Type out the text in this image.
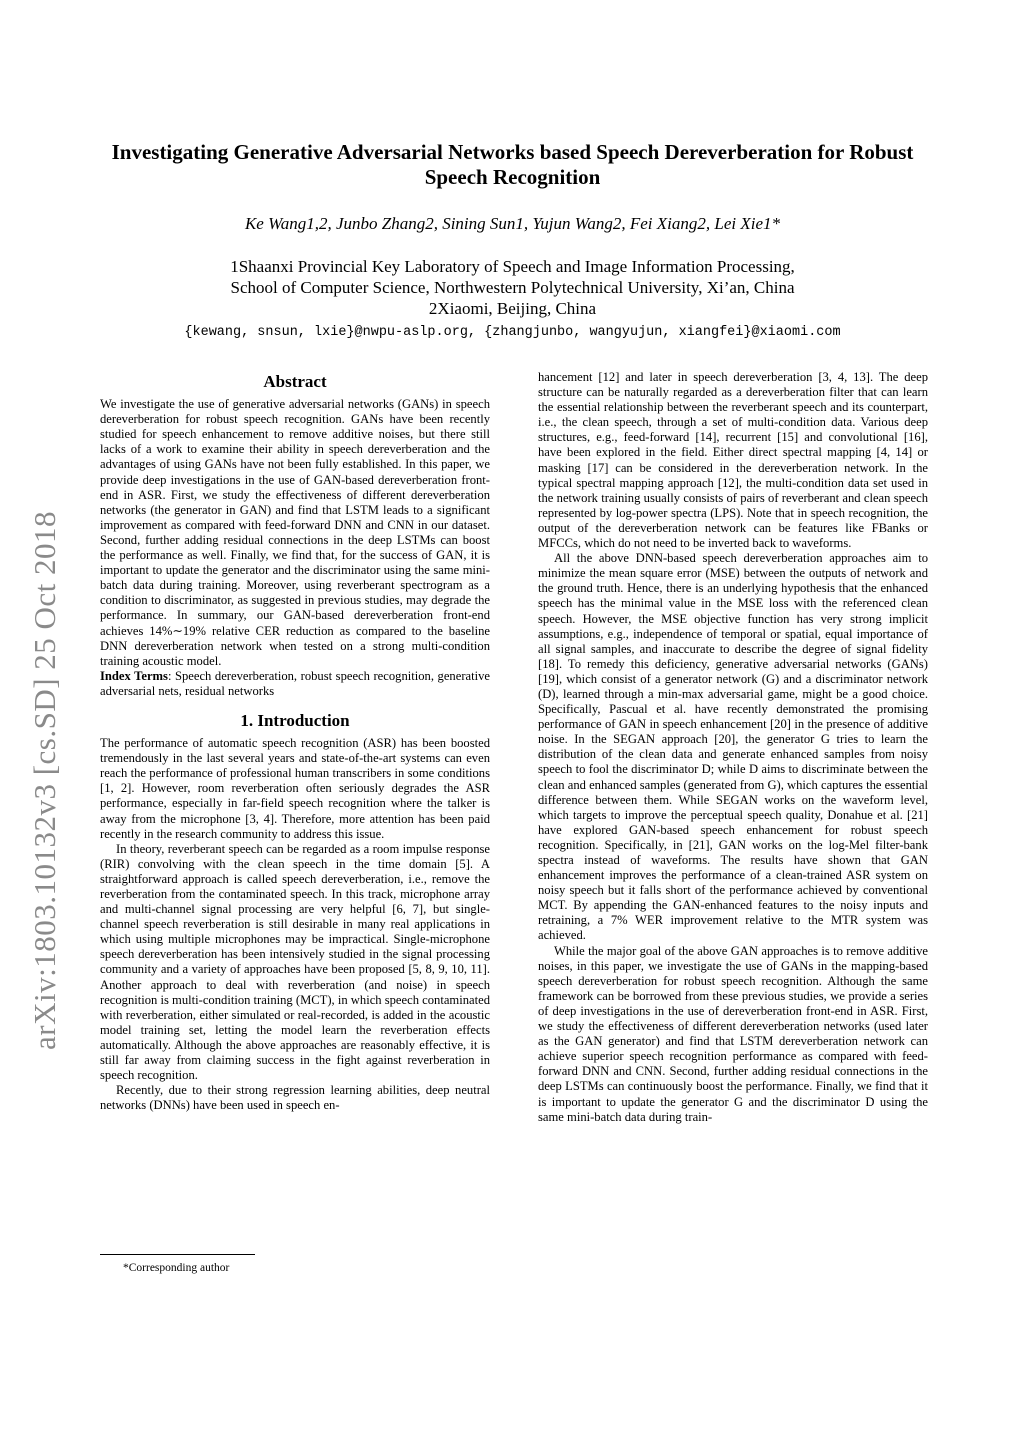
arXiv:1803.10132v3 [cs.SD] 25 Oct 2018
Investigating Generative Adversarial Networks based Speech Dereverberation for Robust Speech Recognition
Ke Wang1,2, Junbo Zhang2, Sining Sun1, Yujun Wang2, Fei Xiang2, Lei Xie1*
1Shaanxi Provincial Key Laboratory of Speech and Image Information Processing,
School of Computer Science, Northwestern Polytechnical University, Xi’an, China
2Xiaomi, Beijing, China
{kewang, snsun, lxie}@nwpu-aslp.org, {zhangjunbo, wangyujun, xiangfei}@xiaomi.com
Abstract

We investigate the use of generative adversarial networks (GANs) in speech dereverberation for robust speech recognition. GANs have been recently studied for speech enhancement to remove additive noises, but there still lacks of a work to examine their ability in speech dereverberation and the advantages of using GANs have not been fully established. In this paper, we provide deep investigations in the use of GAN-based dereverberation front-end in ASR. First, we study the effectiveness of different dereverberation networks (the generator in GAN) and find that LSTM leads to a significant improvement as compared with feed-forward DNN and CNN in our dataset. Second, further adding residual connections in the deep LSTMs can boost the performance as well. Finally, we find that, for the success of GAN, it is important to update the generator and the discriminator using the same mini-batch data during training. Moreover, using reverberant spectrogram as a condition to discriminator, as suggested in previous studies, may degrade the performance. In summary, our GAN-based dereverberation front-end achieves 14%∼19% relative CER reduction as compared to the baseline DNN dereverberation network when tested on a strong multi-condition training acoustic model.

Index Terms: Speech dereverberation, robust speech recognition, generative adversarial nets, residual networks

1. Introduction

The performance of automatic speech recognition (ASR) has been boosted tremendously in the last several years and state-of-the-art systems can even reach the performance of professional human transcribers in some conditions [1, 2]. However, room reverberation often seriously degrades the ASR performance, especially in far-field speech recognition where the talker is away from the microphone [3, 4]. Therefore, more attention has been paid recently in the research community to address this issue.

In theory, reverberant speech can be regarded as a room impulse response (RIR) convolving with the clean speech in the time domain [5]. A straightforward approach is called speech dereverberation, i.e., remove the reverberation from the contaminated speech. In this track, microphone array and multi-channel signal processing are very helpful [6, 7], but single-channel speech reverberation is still desirable in many real applications in which using multiple microphones may be impractical. Single-microphone speech dereverberation has been intensively studied in the signal processing community and a variety of approaches have been proposed [5, 8, 9, 10, 11]. Another approach to deal with reverberation (and noise) in speech recognition is multi-condition training (MCT), in which speech contaminated with reverberation, either simulated or real-recorded, is added in the acoustic model training set, letting the model learn the reverberation effects automatically. Although the above approaches are reasonably effective, it is still far away from claiming success in the fight against reverberation in speech recognition.

Recently, due to their strong regression learning abilities, deep neutral networks (DNNs) have been used in speech en-

hancement [12] and later in speech dereverberation [3, 4, 13]. The deep structure can be naturally regarded as a dereverberation filter that can learn the essential relationship between the reverberant speech and its counterpart, i.e., the clean speech, through a set of multi-condition data. Various deep structures, e.g., feed-forward [14], recurrent [15] and convolutional [16], have been explored in the field. Either direct spectral mapping [4, 14] or masking [17] can be considered in the dereverberation network. In the typical spectral mapping approach [12], the multi-condition data set used in the network training usually consists of pairs of reverberant and clean speech represented by log-power spectra (LPS). Note that in speech recognition, the output of the dereverberation network can be features like FBanks or MFCCs, which do not need to be inverted back to waveforms.

All the above DNN-based speech dereverberation approaches aim to minimize the mean square error (MSE) between the outputs of network and the ground truth. Hence, there is an underlying hypothesis that the enhanced speech has the minimal value in the MSE loss with the referenced clean speech. However, the MSE objective function has very strong implicit assumptions, e.g., independence of temporal or spatial, equal importance of all signal samples, and inaccurate to describe the degree of signal fidelity [18]. To remedy this deficiency, generative adversarial networks (GANs) [19], which consist of a generator network (G) and a discriminator network (D), learned through a min-max adversarial game, might be a good choice. Specifically, Pascual et al. have recently demonstrated the promising performance of GAN in speech enhancement [20] in the presence of additive noise. In the SEGAN approach [20], the generator G tries to learn the distribution of the clean data and generate enhanced samples from noisy speech to fool the discriminator D; while D aims to discriminate between the clean and enhanced samples (generated from G), which captures the essential difference between them. While SEGAN works on the waveform level, which targets to improve the perceptual speech quality, Donahue et al. [21] have explored GAN-based speech enhancement for robust speech recognition. Specifically, in [21], GAN works on the log-Mel filter-bank spectra instead of waveforms. The results have shown that GAN enhancement improves the performance of a clean-trained ASR system on noisy speech but it falls short of the performance achieved by conventional MCT. By appending the GAN-enhanced features to the noisy inputs and retraining, a 7% WER improvement relative to the MTR system was achieved.

While the major goal of the above GAN approaches is to remove additive noises, in this paper, we investigate the use of GANs in the mapping-based speech dereverberation for robust speech recognition. Although the same framework can be borrowed from these previous studies, we provide a series of deep investigations in the use of dereverberation front-end in ASR. First, we study the effectiveness of different dereverberation networks (used later as the GAN generator) and find that LSTM dereverberation network can achieve superior speech recognition performance as compared with feed-forward DNN and CNN. Second, further adding residual connections in the deep LSTMs can continuously boost the performance. Finally, we find that it is important to update the generator G and the discriminator D using the same mini-batch data during train-

*Corresponding author
